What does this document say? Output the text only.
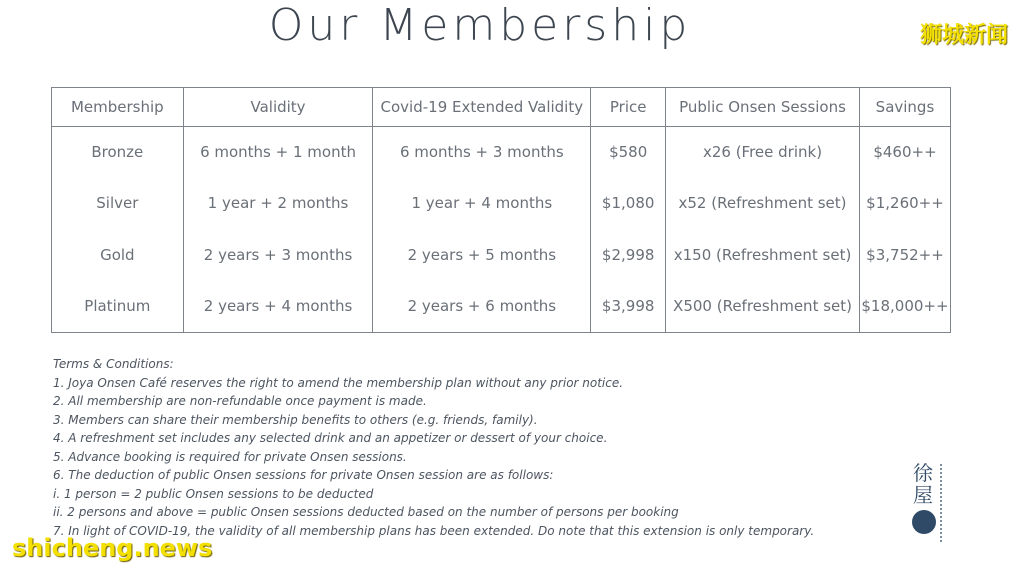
Our Membership	狮城新闻
Membership	Validity	Covid-19 Extended Validity	Price	Public Onsen Sessions	Savings
Bronze	6 months + 1 month	6 months + 3 months	$580	x26 (Free drink)	$460++
Silver	1 year + 2 months	1 year + 4 months	$1,080	x52 (Refreshment set)	$1,260++
Gold	2 years + 3 months	2 years + 5 months	$2,998	x150 (Refreshment set)	$3,752++
Platinum	2 years + 4 months	2 years + 6 months	$3,998	X500 (Refreshment set)	$18,000++
Terms & Conditions:
1. Joya Onsen Café reserves the right to amend the membership plan without any prior notice.
2. All membership are non-refundable once payment is made.
3. Members can share their membership benefits to others (e.g. friends, family).
4. A refreshment set includes any selected drink and an appetizer or dessert of your choice.
5. Advance booking is required for private Onsen sessions.
6. The deduction of public Onsen sessions for private Onsen session are as follows:
i. 1 person = 2 public Onsen sessions to be deducted
ii. 2 persons and above = public Onsen sessions deducted based on the number of persons per booking
7. In light of COVID-19, the validity of all membership plans has been extended. Do note that this extension is only temporary.
徐屋
shicheng.news
